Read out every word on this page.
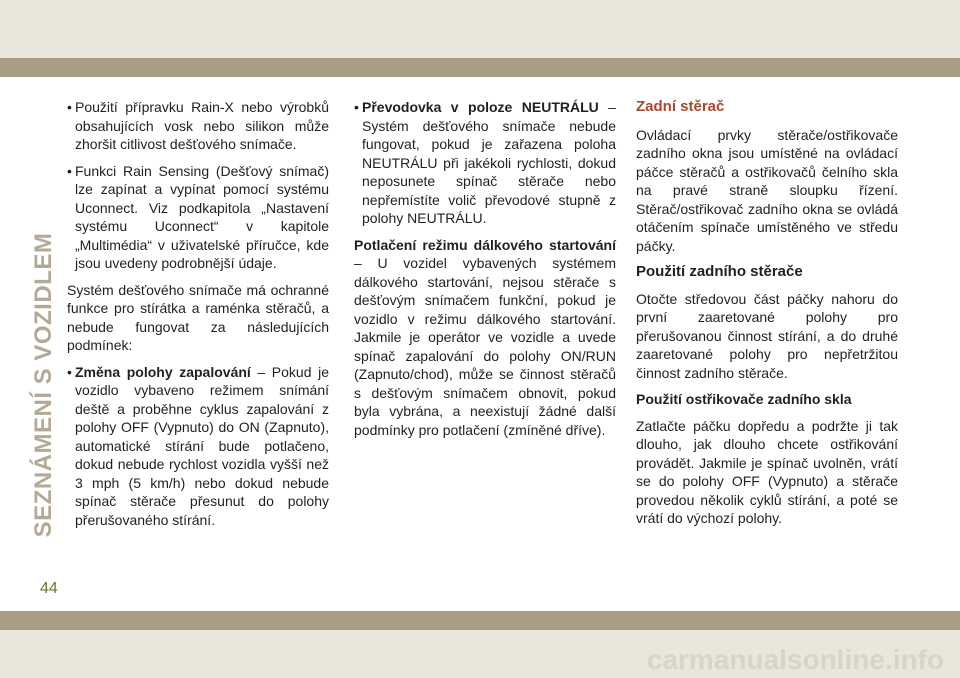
SEZNÁMENÍ S VOZIDLEM
• Použití přípravku Rain-X nebo výrobků obsahujících vosk nebo silikon může zhoršit citlivost dešťového snímače.
• Funkci Rain Sensing (Dešťový snímač) lze zapínat a vypínat pomocí systému Uconnect. Viz podkapitola „Nastavení systému Uconnect“ v kapitole „Multimédia“ v uživatelské příručce, kde jsou uvedeny podrobnější údaje.

Systém dešťového snímače má ochranné funkce pro stírátka a raménka stěračů, a nebude fungovat za následujících podmínek:

• Změna polohy zapalování – Pokud je vozidlo vybaveno režimem snímání deště a proběhne cyklus zapalování z polohy OFF (Vypnuto) do ON (Zapnuto), automatické stírání bude potlačeno, dokud nebude rychlost vozidla vyšší než 3 mph (5 km/h) nebo dokud nebude spínač stěrače přesunut do polohy přerušovaného stírání.
• Převodovka v poloze NEUTRÁLU – Systém dešťového snímače nebude fungovat, pokud je zařazena poloha NEUTRÁLU při jakékoli rychlosti, dokud neposunete spínač stěrače nebo nepřemístíte volič převodové stupně z polohy NEUTRÁLU.

Potlačení režimu dálkového startování – U vozidel vybavených systémem dálkového startování, nejsou stěrače s dešťovým snímačem funkční, pokud je vozidlo v režimu dálkového startování. Jakmile je operátor ve vozidle a uvede spínač zapalování do polohy ON/RUN (Zapnuto/chod), může se činnost stěračů s dešťovým snímačem obnovit, pokud byla vybrána, a neexistují žádné další podmínky pro potlačení (zmíněné dříve).

Zadní stěrač

Ovládací prvky stěrače/ostřikovače zadního okna jsou umístěné na ovládací páčce stěračů a ostřikovačů čelního skla na pravé straně sloupku řízení. Stěrač/ostřikovač zadního okna se ovládá otáčením spínače umístěného ve středu páčky.

Použití zadního stěrače

Otočte středovou část páčky nahoru do první zaaretované polohy pro přerušovanou činnost stírání, a do druhé zaaretované polohy pro nepřetržitou činnost zadního stěrače.

Použití ostřikovače zadního skla

Zatlačte páčku dopředu a podržte ji tak dlouho, jak dlouho chcete ostřikování provádět. Jakmile je spínač uvolněn, vrátí se do polohy OFF (Vypnuto) a stěrače provedou několik cyklů stírání, a poté se vrátí do výchozí polohy.

44
carmanualsonline.info
